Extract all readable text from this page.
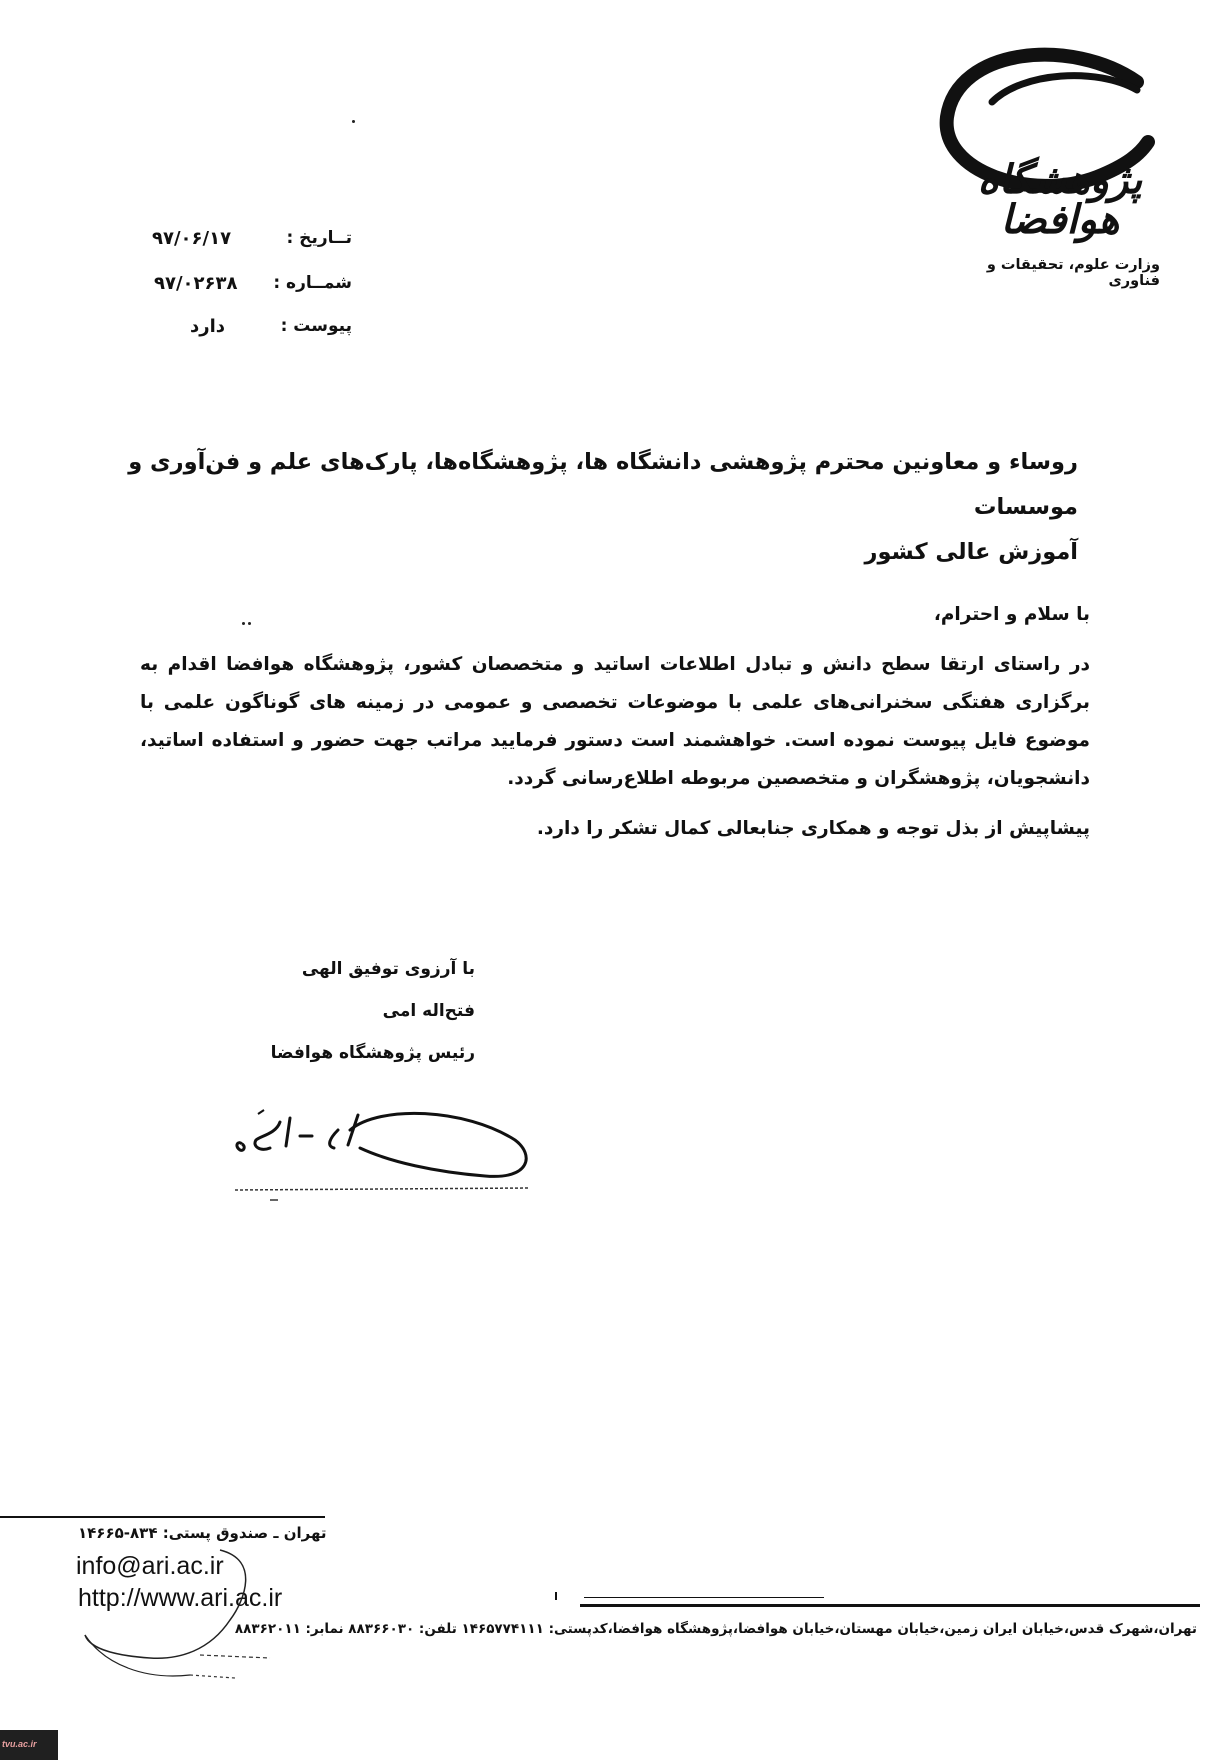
پژوهشگاه هوافضا
وزارت علوم، تحقیقات و فناوری
تــاریخ :
۹۷/۰۶/۱۷
شمــاره :
۹۷/۰۲۶۳۸
پیوست :
دارد
روساء و معاونین محترم پژوهشی دانشگاه ها، پژوهشگاه‌ها، پارک‌های علم و فن‌آوری و موسسات
آموزش عالی کشور
با سلام و احترام،
در راستای ارتقا سطح دانش و تبادل اطلاعات اساتید و متخصصان کشور، پژوهشگاه هوافضا اقدام به برگزاری هفتگی سخنرانی‌های علمی با موضوعات تخصصی و عمومی در زمینه های گوناگون علمی با موضوع فایل پیوست نموده است. خواهشمند است دستور فرمایید مراتب جهت حضور و استفاده اساتید، دانشجویان، پژوهشگران و متخصصین مربوطه اطلاع‌رسانی گردد.
پیشاپیش از بذل توجه و همکاری جنابعالی کمال تشکر را دارد.
با آرزوی توفیق الهی
فتح‌اله امی
رئیس پژوهشگاه هوافضا
تهران ـ صندوق پستی: ۸۳۴-۱۴۶۶۵
info@ari.ac.ir
http://www.ari.ac.ir
تهران،شهرک قدس،خیابان ایران زمین،خیابان مهستان،خیابان هوافضا،پژوهشگاه هوافضا،کدپستی: ۱۴۶۵۷۷۴۱۱۱ تلفن: ۸۸۳۶۶۰۳۰ نمابر: ۸۸۳۶۲۰۱۱
tvu.ac.ir
